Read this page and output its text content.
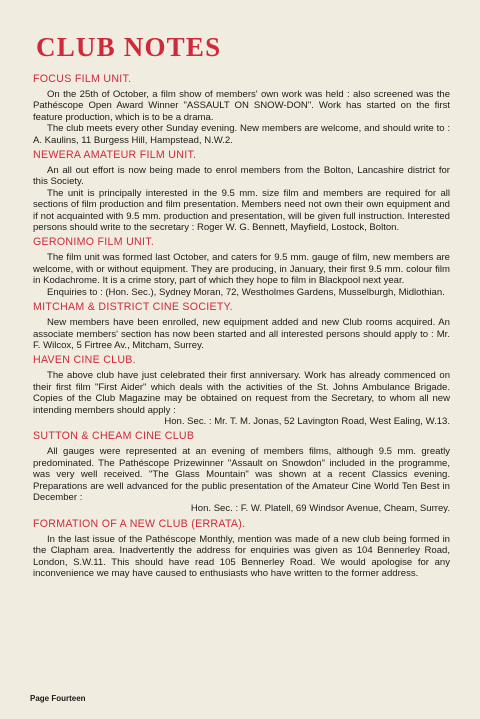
CLUB NOTES
FOCUS FILM UNIT.

On the 25th of October, a film show of members' own work was held : also screened was the Pathéscope Open Award Winner "ASSAULT ON SNOW-DON". Work has started on the first feature production, which is to be a drama.

The club meets every other Sunday evening. New members are welcome, and should write to : A. Kaulins, 11 Burgess Hill, Hampstead, N.W.2.

NEWERA AMATEUR FILM UNIT.

An all out effort is now being made to enrol members from the Bolton, Lancashire district for this Society.

The unit is principally interested in the 9.5 mm. size film and members are required for all sections of film production and film presentation. Members need not own their own equipment and if not acquainted with 9.5 mm. production and presentation, will be given full instruction. Interested persons should write to the secretary : Roger W. G. Bennett, Mayfield, Lostock, Bolton.

GERONIMO FILM UNIT.

The film unit was formed last October, and caters for 9.5 mm. gauge of film, new members are welcome, with or without equipment. They are producing, in January, their first 9.5 mm. colour film in Kodachrome. It is a crime story, part of which they hope to film in Blackpool next year.

Enquiries to : (Hon. Sec.), Sydney Moran, 72, Westholmes Gardens, Musselburgh, Midlothian.

MITCHAM & DISTRICT CINE SOCIETY.

New members have been enrolled, new equipment added and new Club rooms acquired. An associate members' section has now been started and all interested persons should apply to : Mr. F. Wilcox, 5 Firtree Av., Mitcham, Surrey.

HAVEN CINE CLUB.

The above club have just celebrated their first anniversary. Work has already commenced on their first film "First Aider" which deals with the activities of the St. Johns Ambulance Brigade. Copies of the Club Magazine may be obtained on request from the Secretary, to whom all new intending members should apply :

Hon. Sec. : Mr. T. M. Jonas, 52 Lavington Road, West Ealing, W.13.

SUTTON & CHEAM CINE CLUB

All gauges were represented at an evening of members films, although 9.5 mm. greatly predominated. The Pathéscope Prizewinner "Assault on Snowdon" included in the programme, was very well received. "The Glass Mountain" was shown at a recent Classics evening. Preparations are well advanced for the public presentation of the Amateur Cine World Ten Best in December :

Hon. Sec. : F. W. Platell, 69 Windsor Avenue, Cheam, Surrey.

FORMATION OF A NEW CLUB (ERRATA).

In the last issue of the Pathéscope Monthly, mention was made of a new club being formed in the Clapham area. Inadvertently the address for enquiries was given as 104 Bennerley Road, London, S.W.11. This should have read 105 Bennerley Road. We would apologise for any inconvenience we may have caused to enthusiasts who have written to the former address.

Page Fourteen
